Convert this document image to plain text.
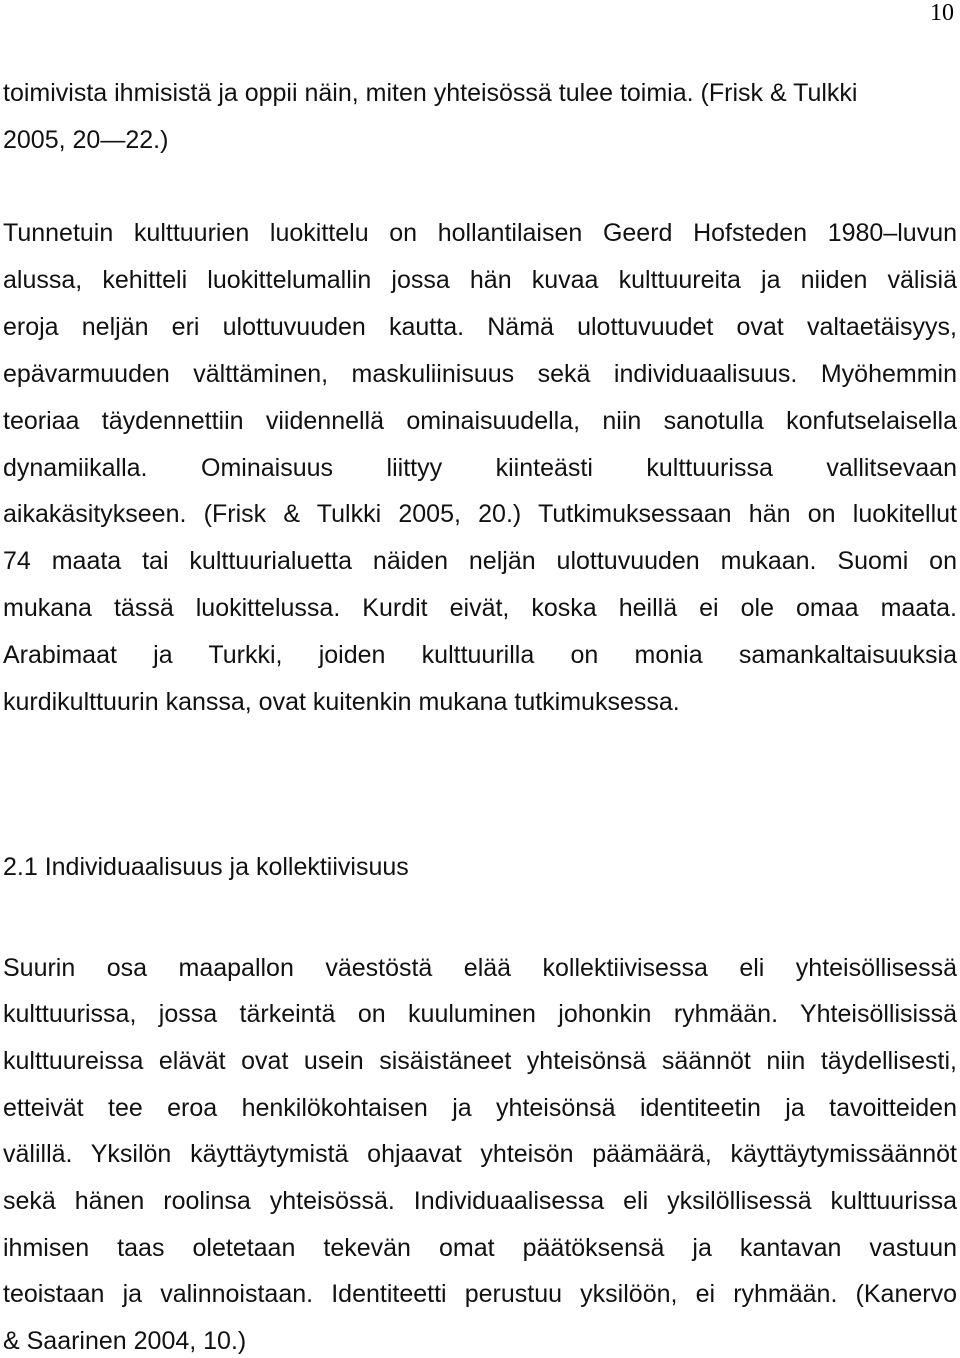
10
toimivista ihmisistä ja oppii näin, miten yhteisössä tulee toimia. (Frisk & Tulkki
2005, 20—22.)
Tunnetuin kulttuurien luokittelu on hollantilaisen Geerd Hofsteden 1980–luvun
alussa, kehitteli luokittelumallin jossa hän kuvaa kulttuureita ja niiden välisiä
eroja neljän eri ulottuvuuden kautta. Nämä ulottuvuudet ovat valtaetäisyys,
epävarmuuden välttäminen, maskuliinisuus sekä individuaalisuus. Myöhemmin
teoriaa täydennettiin viidennellä ominaisuudella, niin sanotulla konfutselaisella
dynamiikalla. Ominaisuus liittyy kiinteästi kulttuurissa vallitsevaan
aikakäsitykseen. (Frisk & Tulkki 2005, 20.) Tutkimuksessaan hän on luokitellut
74 maata tai kulttuurialuetta näiden neljän ulottuvuuden mukaan. Suomi on
mukana tässä luokittelussa. Kurdit eivät, koska heillä ei ole omaa maata.
Arabimaat ja Turkki, joiden kulttuurilla on monia samankaltaisuuksia
kurdikulttuurin kanssa, ovat kuitenkin mukana tutkimuksessa.
2.1 Individuaalisuus ja kollektiivisuus
Suurin osa maapallon väestöstä elää kollektiivisessa eli yhteisöllisessä
kulttuurissa, jossa tärkeintä on kuuluminen johonkin ryhmään. Yhteisöllisissä
kulttuureissa elävät ovat usein sisäistäneet yhteisönsä säännöt niin täydellisesti,
etteivät tee eroa henkilökohtaisen ja yhteisönsä identiteetin ja tavoitteiden
välillä. Yksilön käyttäytymistä ohjaavat yhteisön päämäärä, käyttäytymissäännöt
sekä hänen roolinsa yhteisössä. Individuaalisessa eli yksilöllisessä kulttuurissa
ihmisen taas oletetaan tekevän omat päätöksensä ja kantavan vastuun
teoistaan ja valinnoistaan. Identiteetti perustuu yksilöön, ei ryhmään. (Kanervo
& Saarinen 2004, 10.)
